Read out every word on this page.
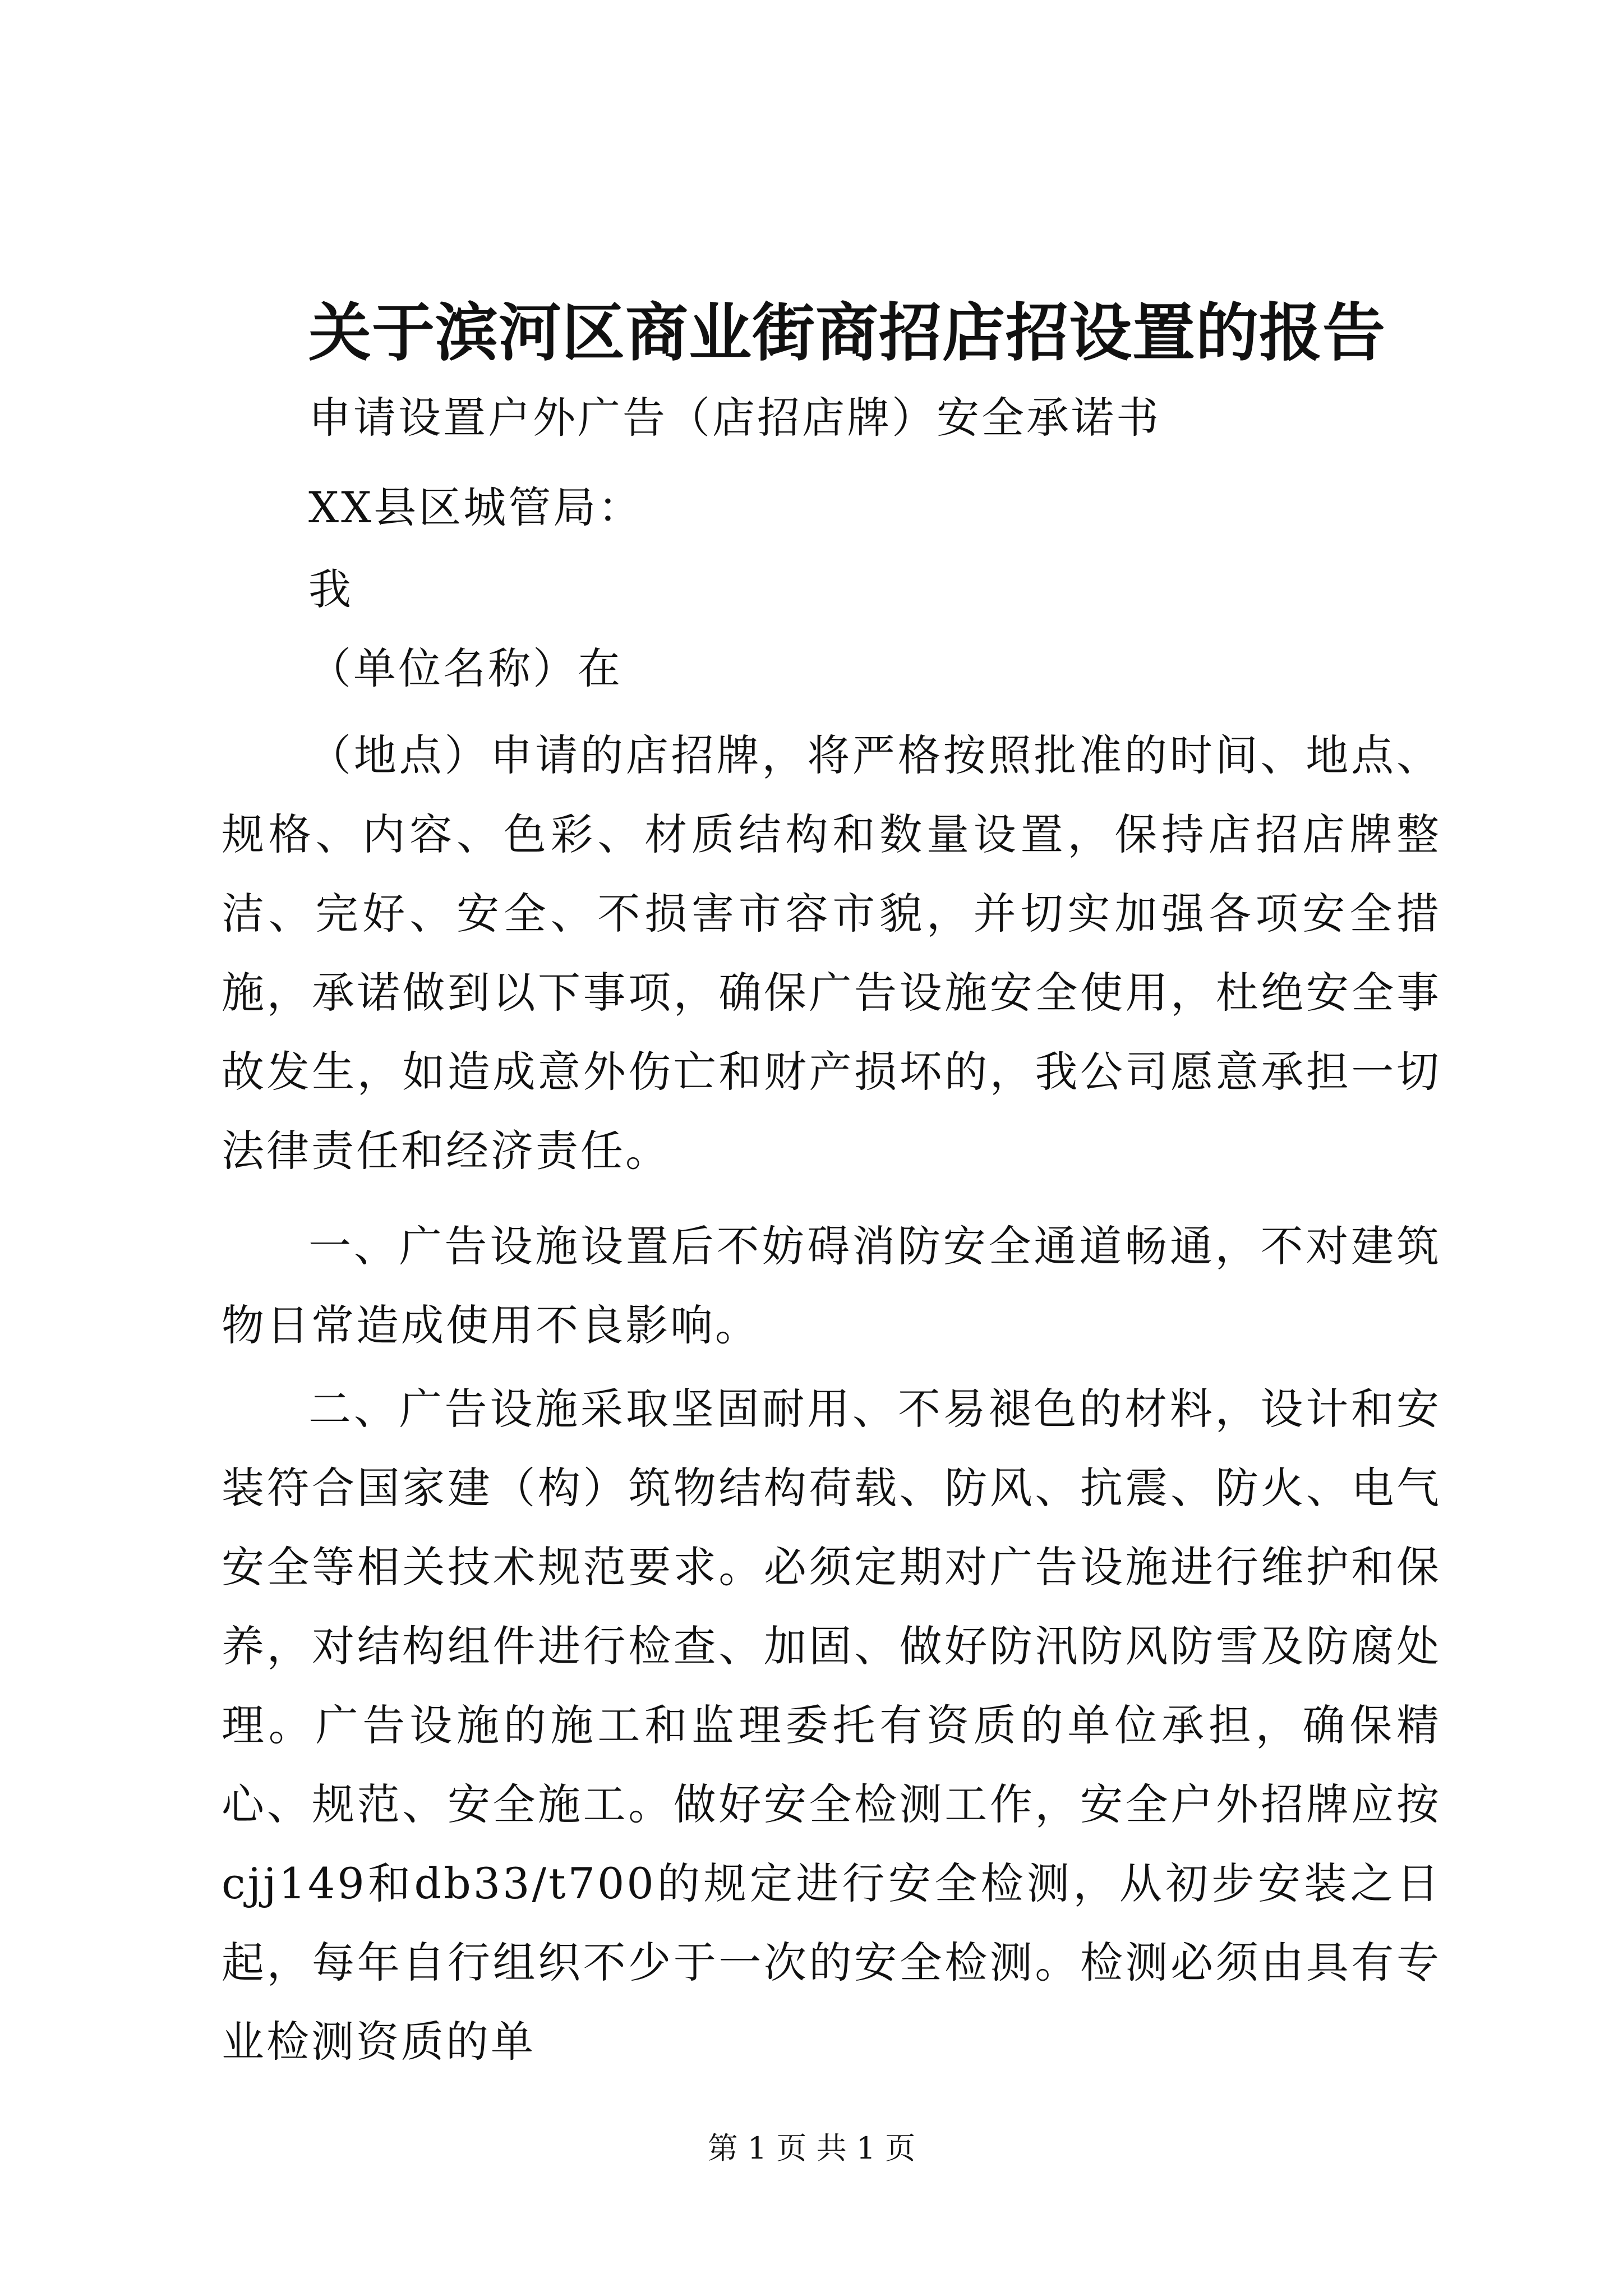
关于滨河区商业街商招店招设置的报告
申请设置户外广告（店招店牌）安全承诺书
XX县区城管局：
我
（单位名称）在

（地点）申请的店招牌，将严格按照批准的时间、地点、规格、内容、色彩、材质结构和数量设置，保持店招店牌整洁、完好、安全、不损害市容市貌，并切实加强各项安全措施，承诺做到以下事项，确保广告设施安全使用，杜绝安全事故发生，如造成意外伤亡和财产损坏的，我公司愿意承担一切法律责任和经济责任。

一、广告设施设置后不妨碍消防安全通道畅通，不对建筑物日常造成使用不良影响。

二、广告设施采取坚固耐用、不易褪色的材料，设计和安装符合国家建（构）筑物结构荷载、防风、抗震、防火、电气安全等相关技术规范要求。必须定期对广告设施进行维护和保养，对结构组件进行检查、加固、做好防汛防风防雪及防腐处理。广告设施的施工和监理委托有资质的单位承担，确保精心、规范、安全施工。做好安全检测工作，安全户外招牌应按cjj149和db33/t700的规定进行安全检测，从初步安装之日起，每年自行组织不少于一次的安全检测。检测必须由具有专业检测资质的单

第 1 页 共 1 页
